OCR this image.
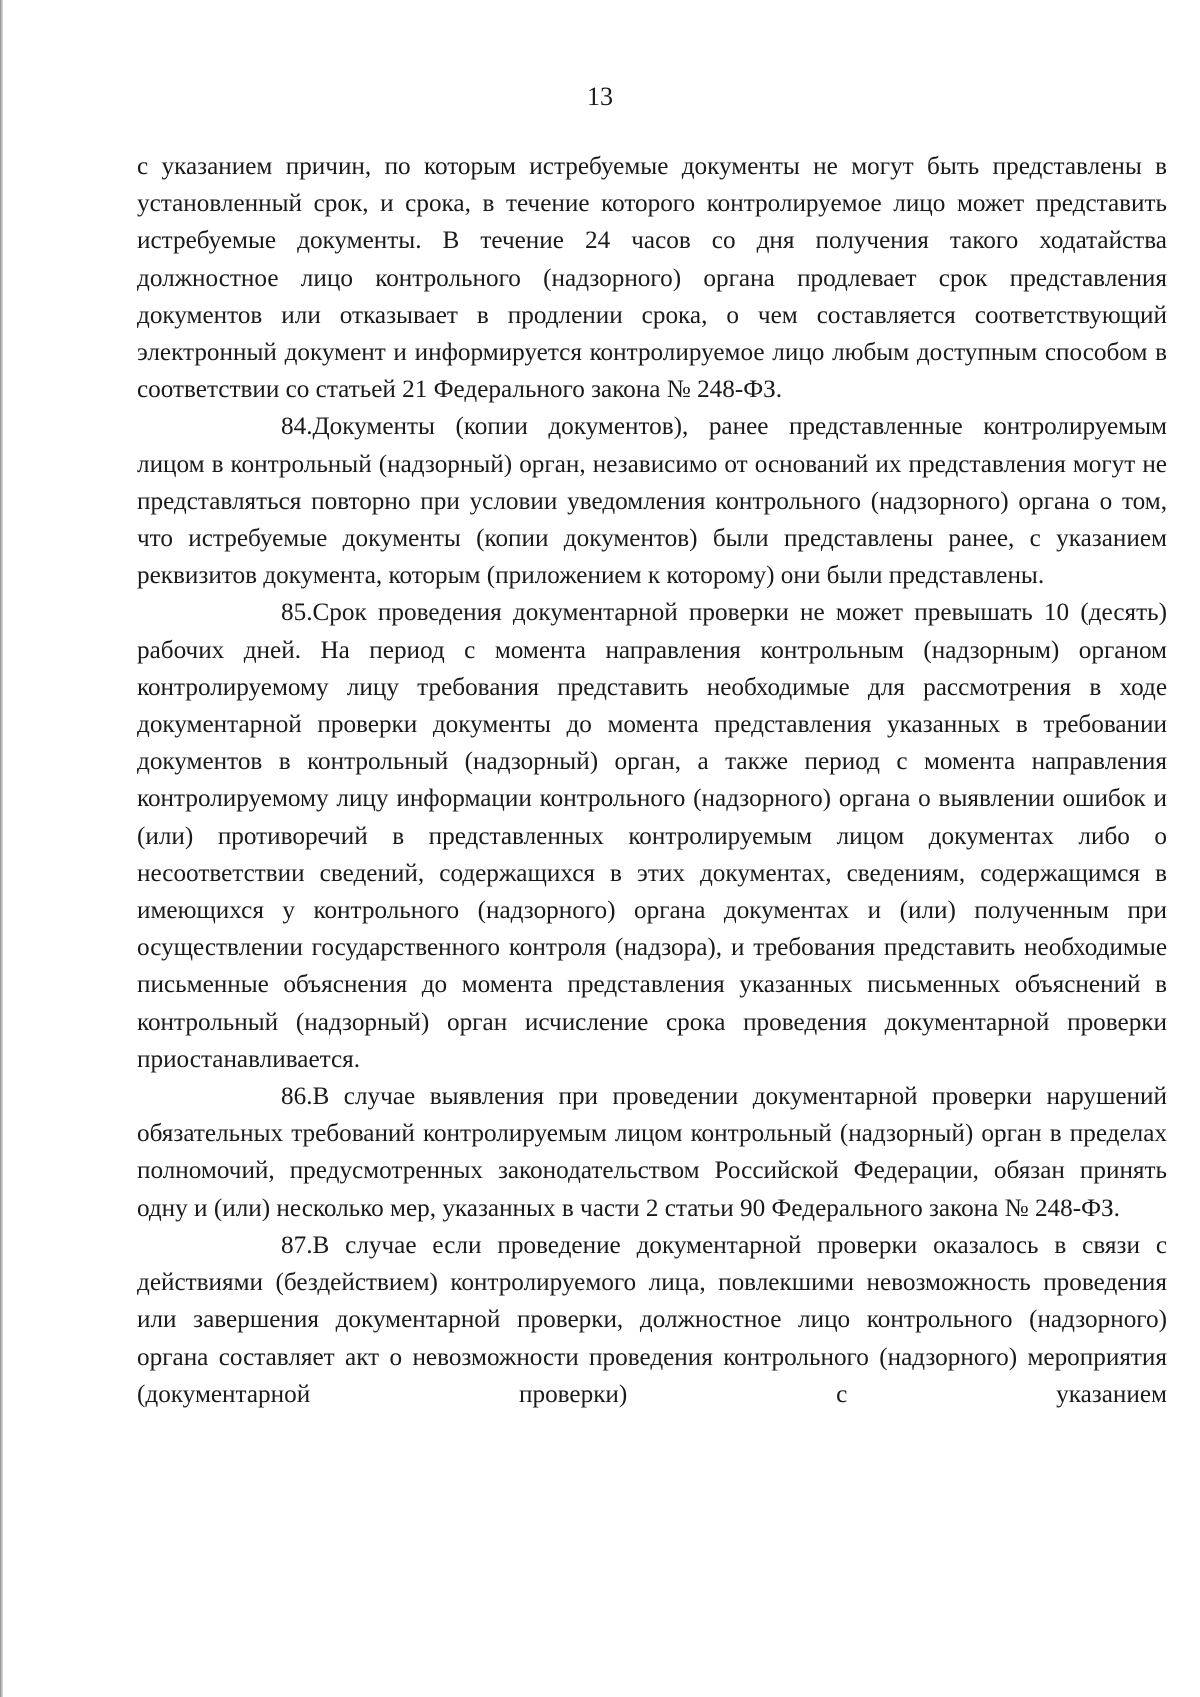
13

с указанием причин, по которым истребуемые документы не могут быть представлены в установленный срок, и срока, в течение которого контролируемое лицо может представить истребуемые документы. В течение 24 часов со дня получения такого ходатайства должностное лицо контрольного (надзорного) органа продлевает срок представления документов или отказывает в продлении срока, о чем составляется соответствующий электронный документ и информируется контролируемое лицо любым доступным способом в соответствии со статьей 21 Федерального закона № 248-ФЗ.

84.Документы (копии документов), ранее представленные контролируемым лицом в контрольный (надзорный) орган, независимо от оснований их представления могут не представляться повторно при условии уведомления контрольного (надзорного) органа о том, что истребуемые документы (копии документов) были представлены ранее, с указанием реквизитов документа, которым (приложением к которому) они были представлены.

85.Срок проведения документарной проверки не может превышать 10 (десять) рабочих дней. На период с момента направления контрольным (надзорным) органом контролируемому лицу требования представить необходимые для рассмотрения в ходе документарной проверки документы до момента представления указанных в требовании документов в контрольный (надзорный) орган, а также период с момента направления контролируемому лицу информации контрольного (надзорного) органа о выявлении ошибок и (или) противоречий в представленных контролируемым лицом документах либо о несоответствии сведений, содержащихся в этих документах, сведениям, содержащимся в имеющихся у контрольного (надзорного) органа документах и (или) полученным при осуществлении государственного контроля (надзора), и требования представить необходимые письменные объяснения до момента представления указанных письменных объяснений в контрольный (надзорный) орган исчисление срока проведения документарной проверки приостанавливается.

86.В случае выявления при проведении документарной проверки нарушений обязательных требований контролируемым лицом контрольный (надзорный) орган в пределах полномочий, предусмотренных законодательством Российской Федерации, обязан принять одну и (или) несколько мер, указанных в части 2 статьи 90 Федерального закона № 248-ФЗ.

87.В случае если проведение документарной проверки оказалось в связи с действиями (бездействием) контролируемого лица, повлекшими невозможность проведения или завершения документарной проверки, должностное лицо контрольного (надзорного) органа составляет акт о невозможности проведения контрольного (надзорного) мероприятия (документарной проверки) с указанием
